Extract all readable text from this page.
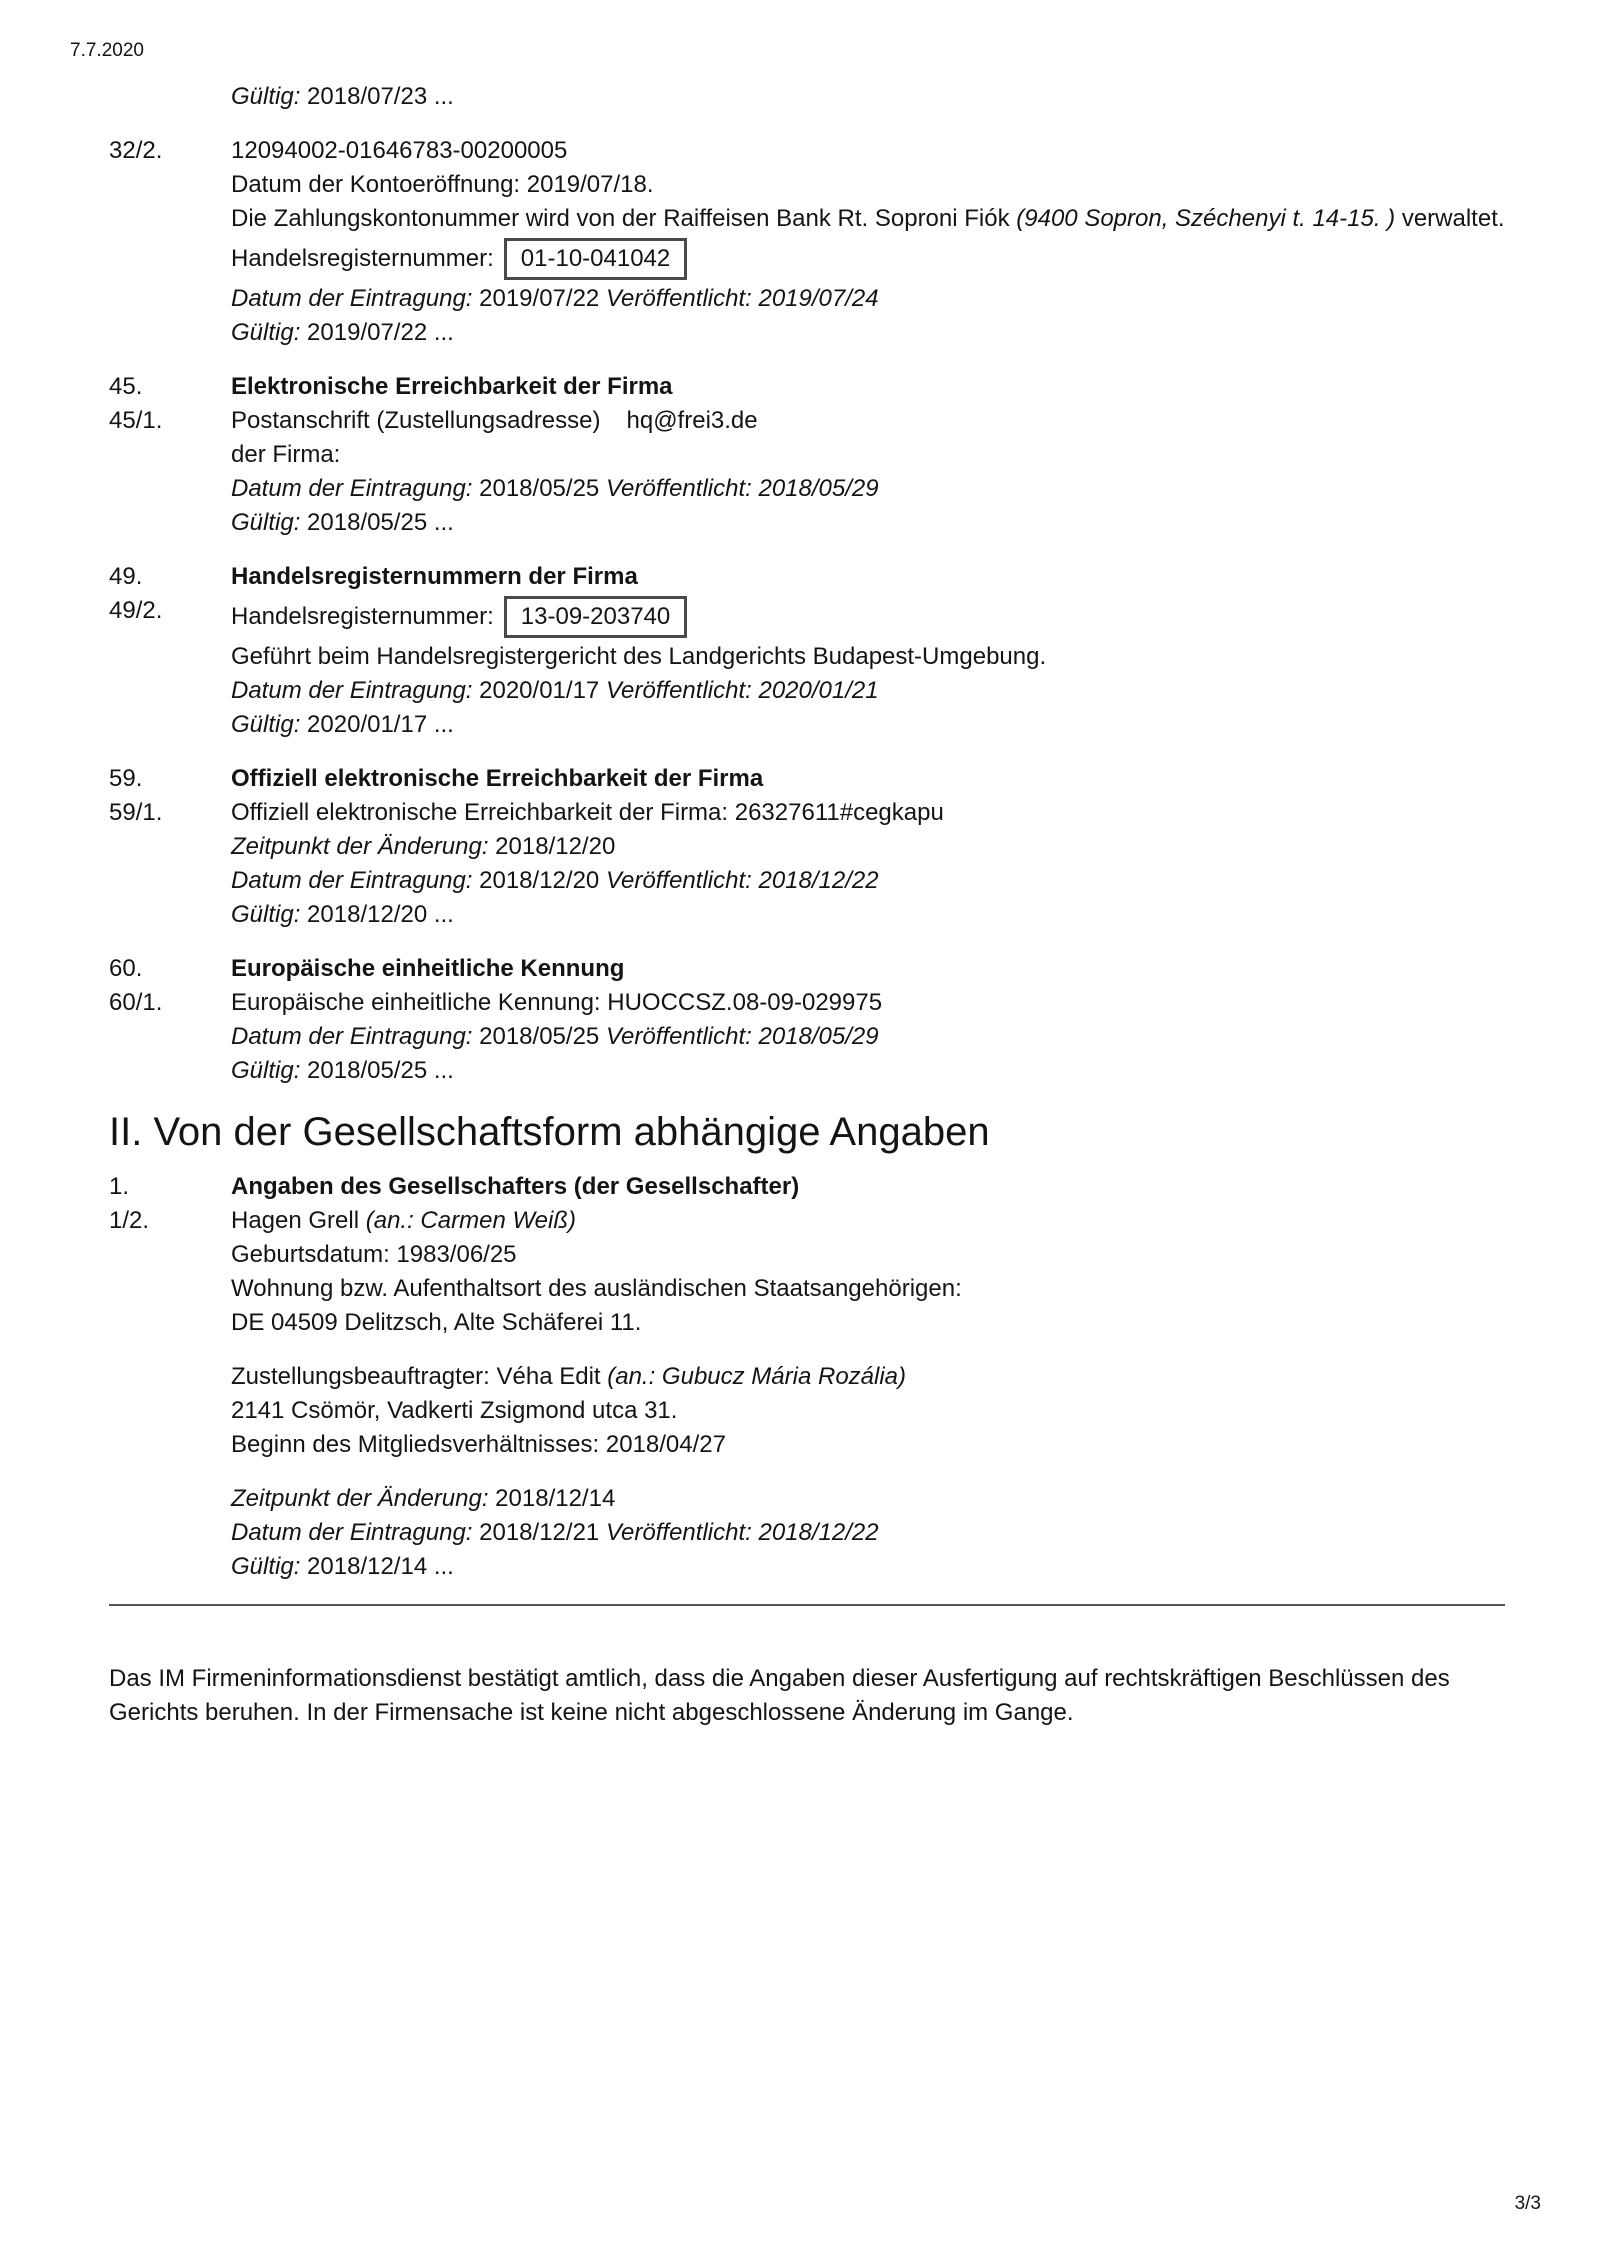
7.7.2020
Gültig: 2018/07/23 ...
32/2.	12094002-01646783-00200005
Datum der Kontoeröffnung: 2019/07/18.
Die Zahlungskontonummer wird von der Raiffeisen Bank Rt. Soproni Fiók (9400 Sopron, Széchenyi t. 14-15. ) verwaltet.
Handelsregisternummer:	01-10-041042
Datum der Eintragung: 2019/07/22 Veröffentlicht: 2019/07/24
Gültig: 2019/07/22 ...
45.	Elektronische Erreichbarkeit der Firma
45/1.	Postanschrift (Zustellungsadresse) hq@frei3.de
der Firma:
Datum der Eintragung: 2018/05/25 Veröffentlicht: 2018/05/29
Gültig: 2018/05/25 ...
49.	Handelsregisternummern der Firma
49/2.	Handelsregisternummer:	13-09-203740
Geführt beim Handelsregistergericht des Landgerichts Budapest-Umgebung.
Datum der Eintragung: 2020/01/17 Veröffentlicht: 2020/01/21
Gültig: 2020/01/17 ...
59.	Offiziell elektronische Erreichbarkeit der Firma
59/1.	Offiziell elektronische Erreichbarkeit der Firma: 26327611#cegkapu
Zeitpunkt der Änderung: 2018/12/20
Datum der Eintragung: 2018/12/20 Veröffentlicht: 2018/12/22
Gültig: 2018/12/20 ...
60.	Europäische einheitliche Kennung
60/1.	Europäische einheitliche Kennung: HUOCCSZ.08-09-029975
Datum der Eintragung: 2018/05/25 Veröffentlicht: 2018/05/29
Gültig: 2018/05/25 ...
II. Von der Gesellschaftsform abhängige Angaben
1.	Angaben des Gesellschafters (der Gesellschafter)
1/2.	Hagen Grell (an.: Carmen Weiß)
Geburtsdatum: 1983/06/25
Wohnung bzw. Aufenthaltsort des ausländischen Staatsangehörigen:
DE 04509 Delitzsch, Alte Schäferei 11.
Zustellungsbeauftragter: Véha Edit (an.: Gubucz Mária Rozália)
2141 Csömör, Vadkerti Zsigmond utca 31.
Beginn des Mitgliedsverhältnisses: 2018/04/27
Zeitpunkt der Änderung: 2018/12/14
Datum der Eintragung: 2018/12/21 Veröffentlicht: 2018/12/22
Gültig: 2018/12/14 ...
Das IM Firmeninformationsdienst bestätigt amtlich, dass die Angaben dieser Ausfertigung auf rechtskräftigen Beschlüssen des Gerichts beruhen. In der Firmensache ist keine nicht abgeschlossene Änderung im Gange.
3/3
